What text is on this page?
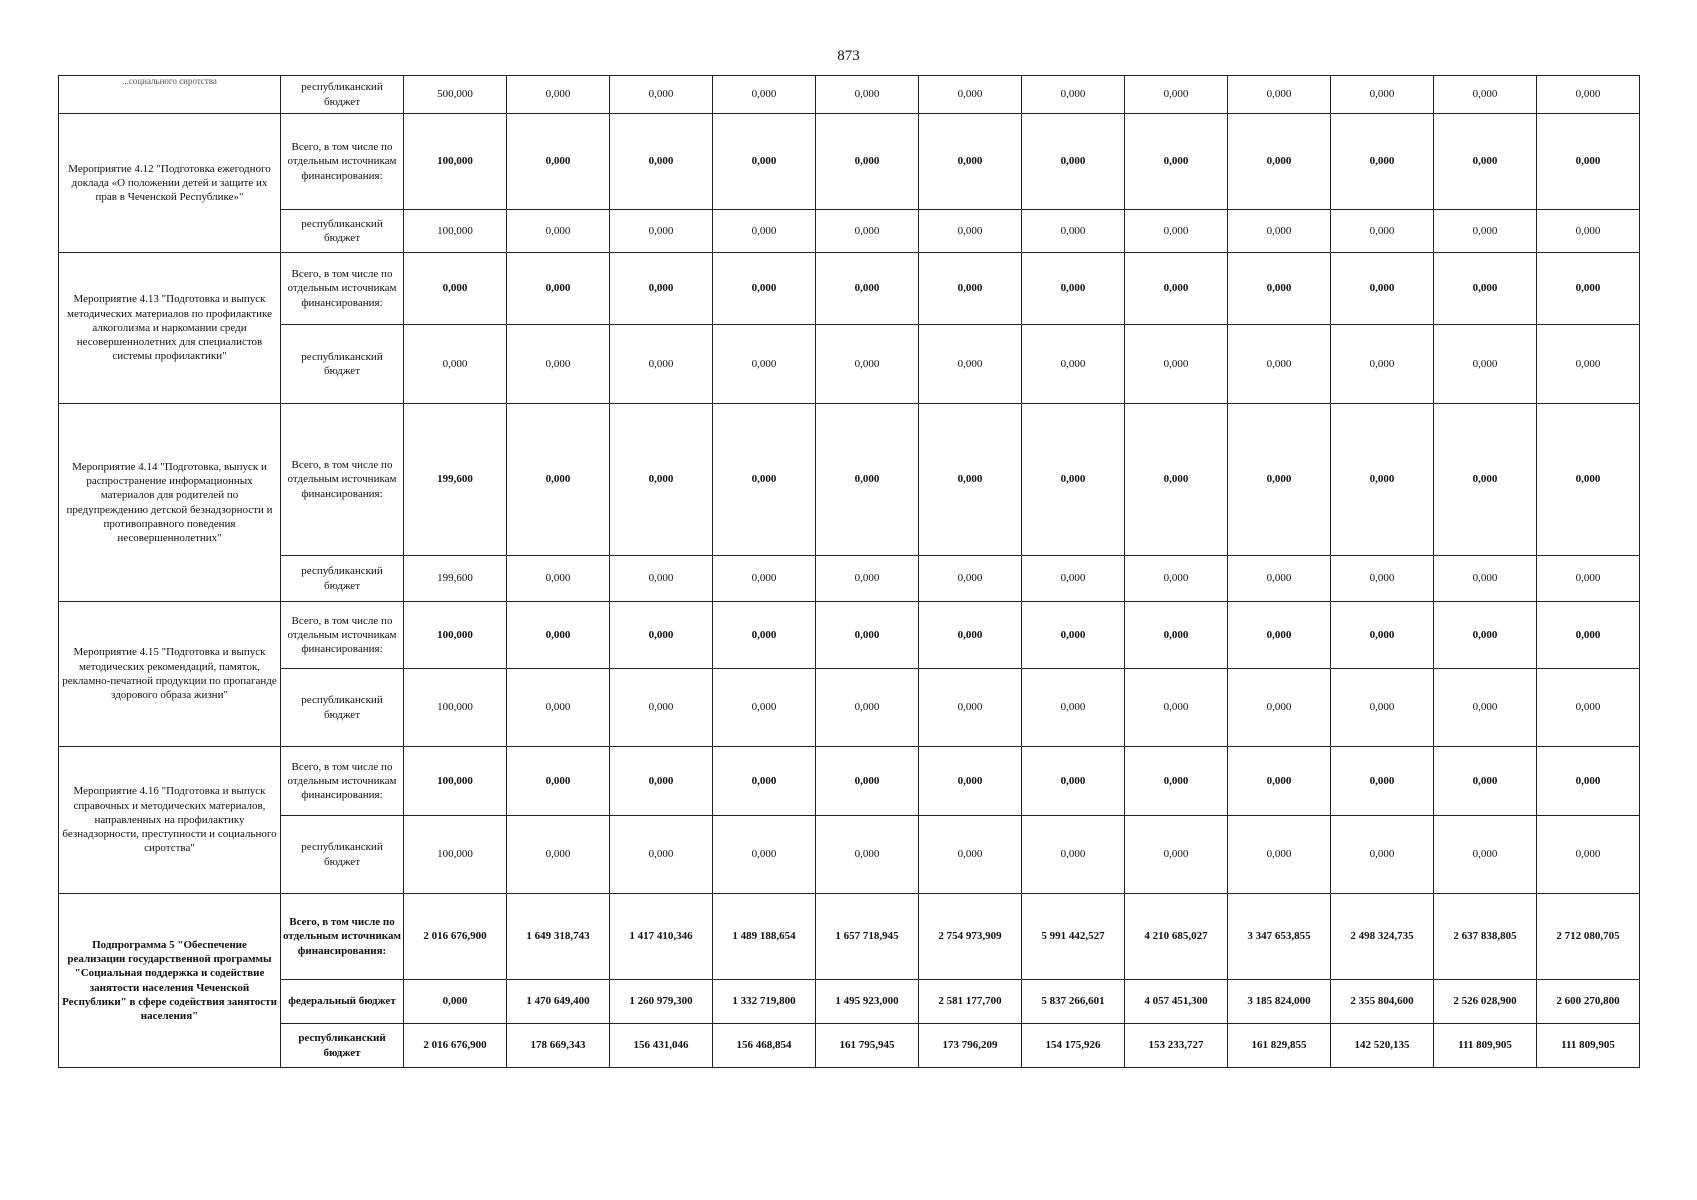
873
...социального сиротства	республиканский бюджет	500,000	0,000	0,000	0,000	0,000	0,000	0,000	0,000	0,000	0,000	0,000	0,000
Мероприятие 4.12 "Подготовка ежегодного доклада «О положении детей и защите их прав в Чеченской Республике»"	Всего, в том числе по отдельным источникам финансирования:	100,000	0,000	0,000	0,000	0,000	0,000	0,000	0,000	0,000	0,000	0,000	0,000
	республиканский бюджет	100,000	0,000	0,000	0,000	0,000	0,000	0,000	0,000	0,000	0,000	0,000	0,000
Мероприятие 4.13 "Подготовка и выпуск методических материалов по профилактике алкоголизма и наркомании среди несовершеннолетних для специалистов системы профилактики"	Всего, в том числе по отдельным источникам финансирования:	0,000	0,000	0,000	0,000	0,000	0,000	0,000	0,000	0,000	0,000	0,000	0,000
	республиканский бюджет	0,000	0,000	0,000	0,000	0,000	0,000	0,000	0,000	0,000	0,000	0,000	0,000
Мероприятие 4.14 "Подготовка, выпуск и распространение информационных материалов для родителей по предупреждению детской безнадзорности и противоправного поведения несовершеннолетних"	Всего, в том числе по отдельным источникам финансирования:	199,600	0,000	0,000	0,000	0,000	0,000	0,000	0,000	0,000	0,000	0,000	0,000
	республиканский бюджет	199,600	0,000	0,000	0,000	0,000	0,000	0,000	0,000	0,000	0,000	0,000	0,000
Мероприятие 4.15 "Подготовка и выпуск методических рекомендаций, памяток, рекламно-печатной продукции по пропаганде здорового образа жизни"	Всего, в том числе по отдельным источникам финансирования:	100,000	0,000	0,000	0,000	0,000	0,000	0,000	0,000	0,000	0,000	0,000	0,000
	республиканский бюджет	100,000	0,000	0,000	0,000	0,000	0,000	0,000	0,000	0,000	0,000	0,000	0,000
Мероприятие 4.16 "Подготовка и выпуск справочных и методических материалов, направленных на профилактику безнадзорности, преступности и социального сиротства"	Всего, в том числе по отдельным источникам финансирования:	100,000	0,000	0,000	0,000	0,000	0,000	0,000	0,000	0,000	0,000	0,000	0,000
	республиканский бюджет	100,000	0,000	0,000	0,000	0,000	0,000	0,000	0,000	0,000	0,000	0,000	0,000
Подпрограмма 5 "Обеспечение реализации государственной программы "Социальная поддержка и содействие занятости населения Чеченской Республики" в сфере содействия занятости населения"	Всего, в том числе по отдельным источникам финансирования:	2 016 676,900	1 649 318,743	1 417 410,346	1 489 188,654	1 657 718,945	2 754 973,909	5 991 442,527	4 210 685,027	3 347 653,855	2 498 324,735	2 637 838,805	2 712 080,705
	федеральный бюджет	0,000	1 470 649,400	1 260 979,300	1 332 719,800	1 495 923,000	2 581 177,700	5 837 266,601	4 057 451,300	3 185 824,000	2 355 804,600	2 526 028,900	2 600 270,800
	республиканский бюджет	2 016 676,900	178 669,343	156 431,046	156 468,854	161 795,945	173 796,209	154 175,926	153 233,727	161 829,855	142 520,135	111 809,905	111 809,905
